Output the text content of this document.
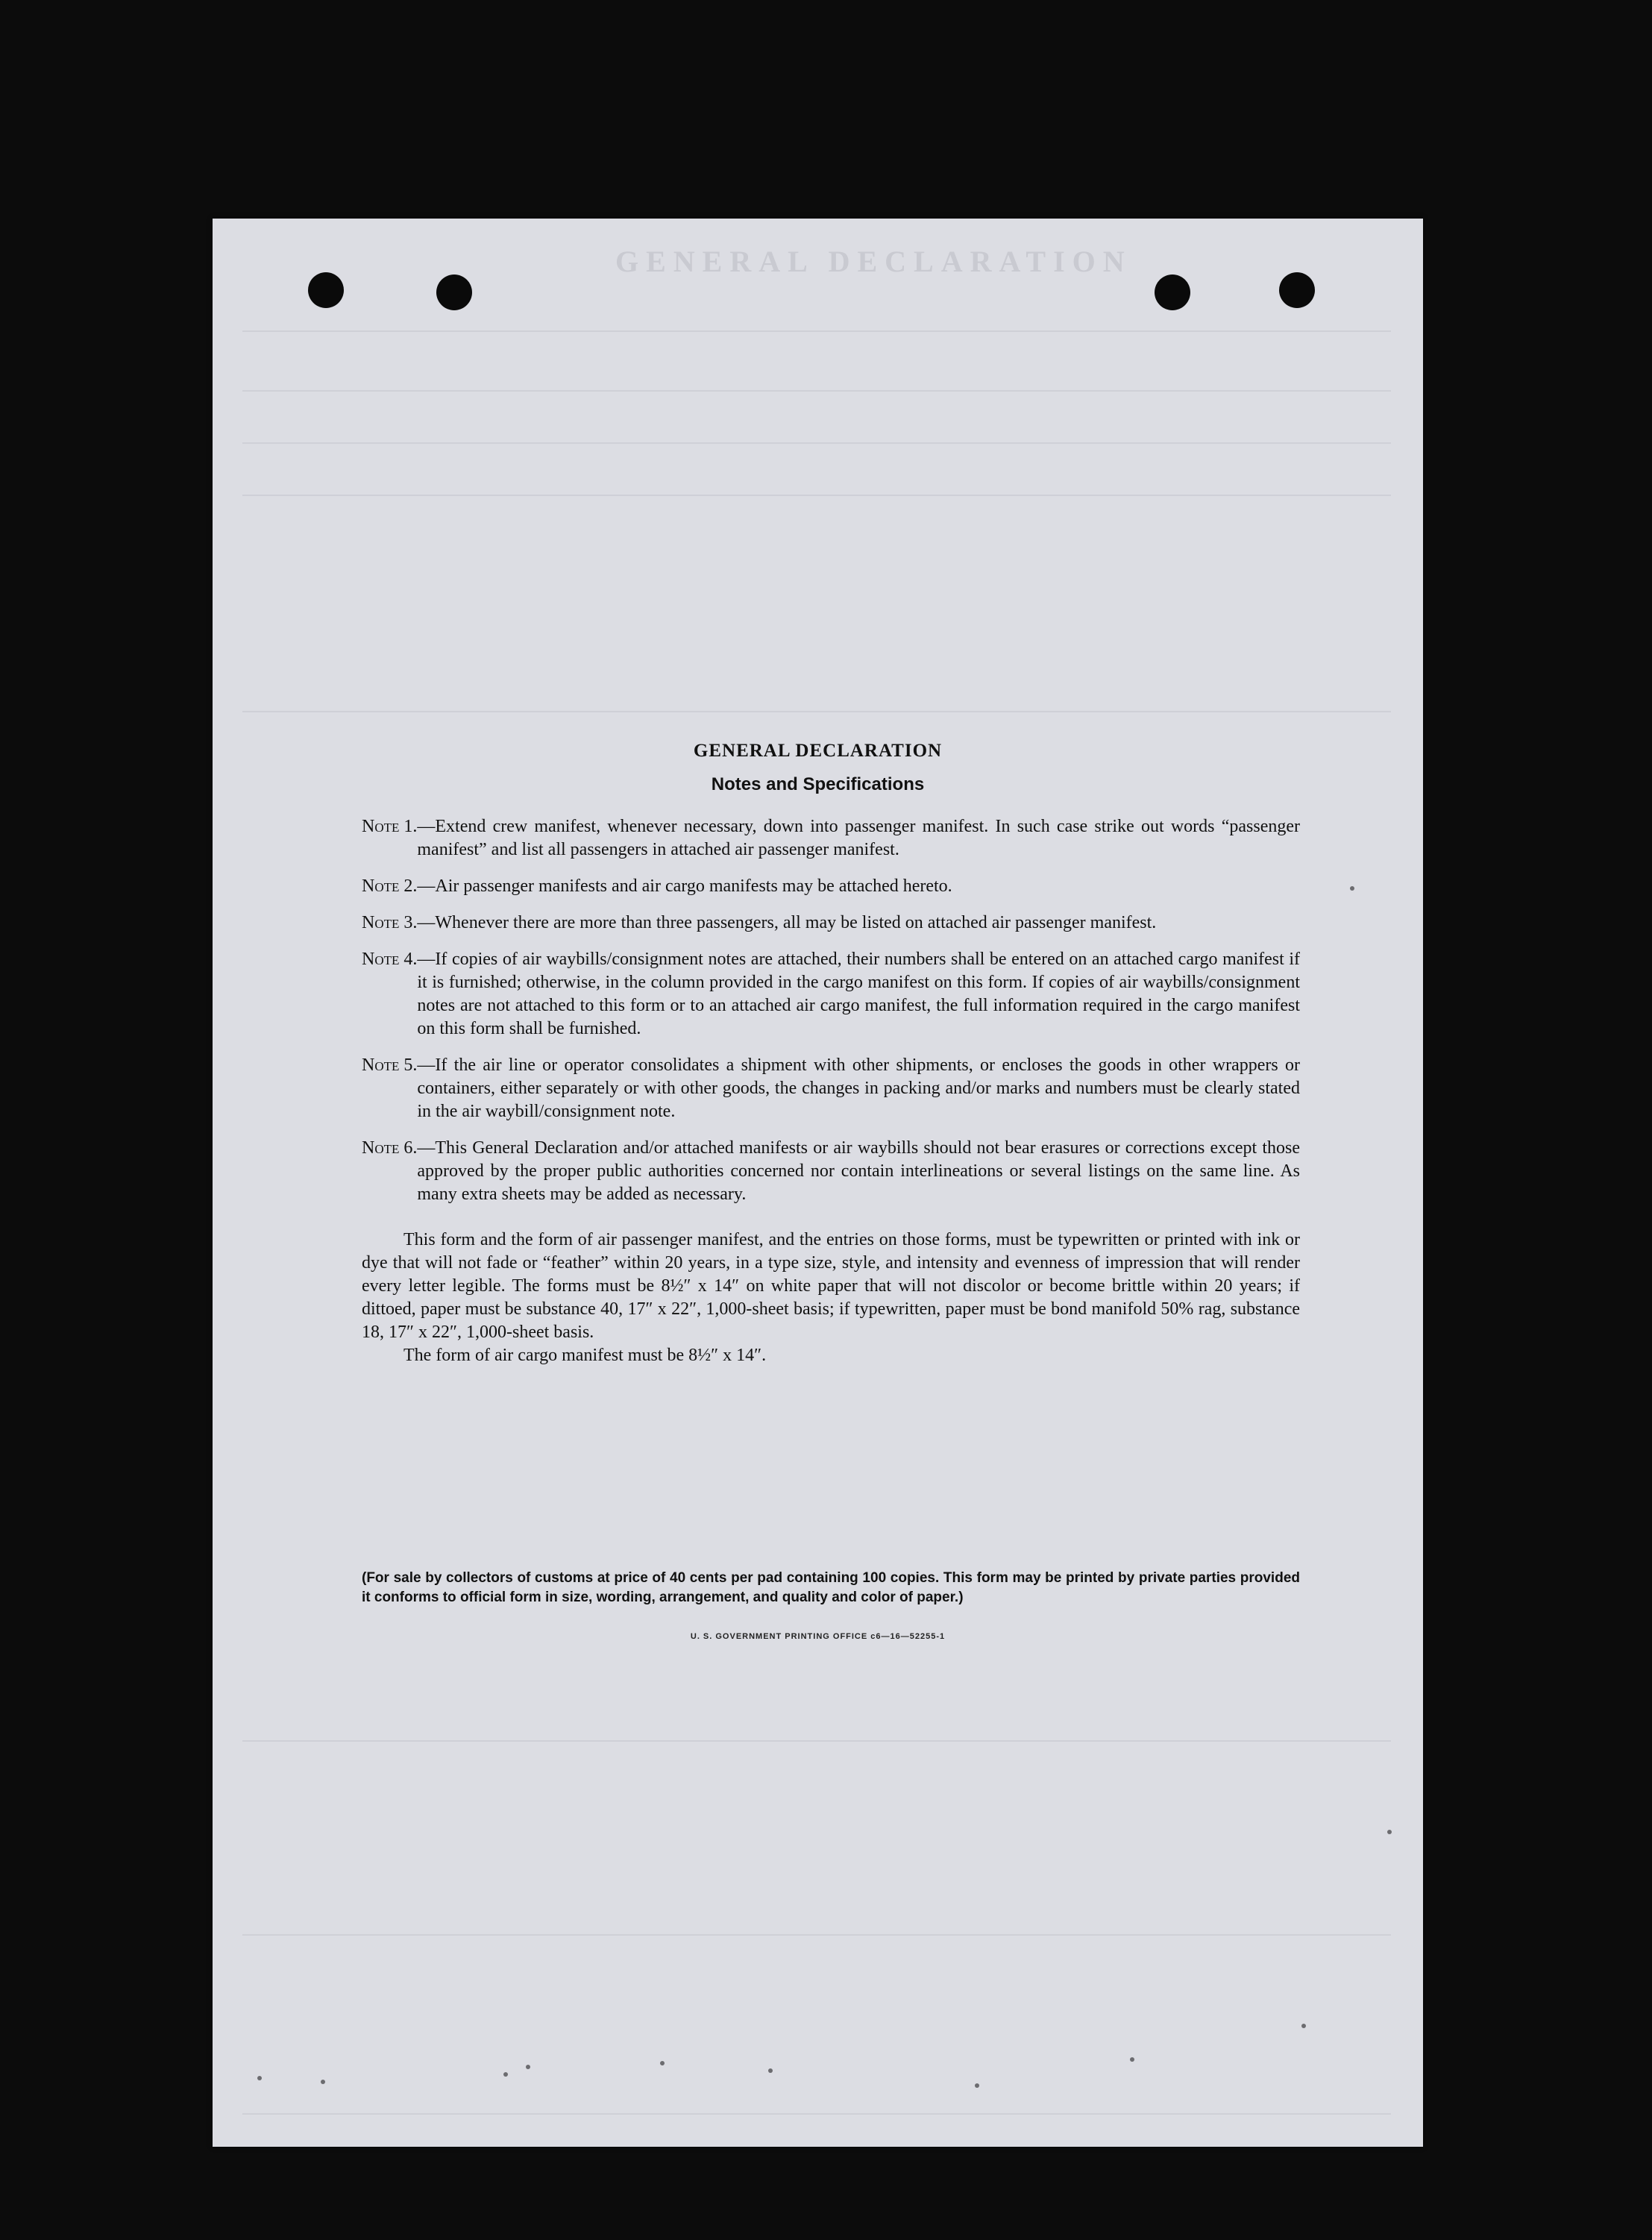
GENERAL DECLARATION
GENERAL DECLARATION
Notes and Specifications
Note 1. —Extend crew manifest, whenever necessary, down into passenger manifest. In such case strike out words “passenger manifest” and list all passengers in attached air passenger manifest.
Note 2. —Air passenger manifests and air cargo manifests may be attached hereto.
Note 3. —Whenever there are more than three passengers, all may be listed on attached air passenger manifest.
Note 4. —If copies of air waybills/consignment notes are attached, their numbers shall be entered on an attached cargo manifest if it is furnished; otherwise, in the column provided in the cargo manifest on this form. If copies of air waybills/consignment notes are not attached to this form or to an attached air cargo manifest, the full information required in the cargo manifest on this form shall be furnished.
Note 5. —If the air line or operator consolidates a shipment with other shipments, or encloses the goods in other wrappers or containers, either separately or with other goods, the changes in packing and/or marks and numbers must be clearly stated in the air waybill/consignment note.
Note 6. —This General Declaration and/or attached manifests or air waybills should not bear erasures or corrections except those approved by the proper public authorities concerned nor contain interlineations or several listings on the same line. As many extra sheets may be added as necessary.
This form and the form of air passenger manifest, and the entries on those forms, must be typewritten or printed with ink or dye that will not fade or “feather” within 20 years, in a type size, style, and intensity and evenness of impression that will render every letter legible. The forms must be 8½″ x 14″ on white paper that will not discolor or become brittle within 20 years; if dittoed, paper must be substance 40, 17″ x 22″, 1,000-sheet basis; if typewritten, paper must be bond manifold 50% rag, substance 18, 17″ x 22″, 1,000-sheet basis.
The form of air cargo manifest must be 8½″ x 14″.
(For sale by collectors of customs at price of 40 cents per pad containing 100 copies. This form may be printed by private parties provided it conforms to official form in size, wording, arrangement, and quality and color of paper.)
U. S. GOVERNMENT PRINTING OFFICE c6—16—52255-1
